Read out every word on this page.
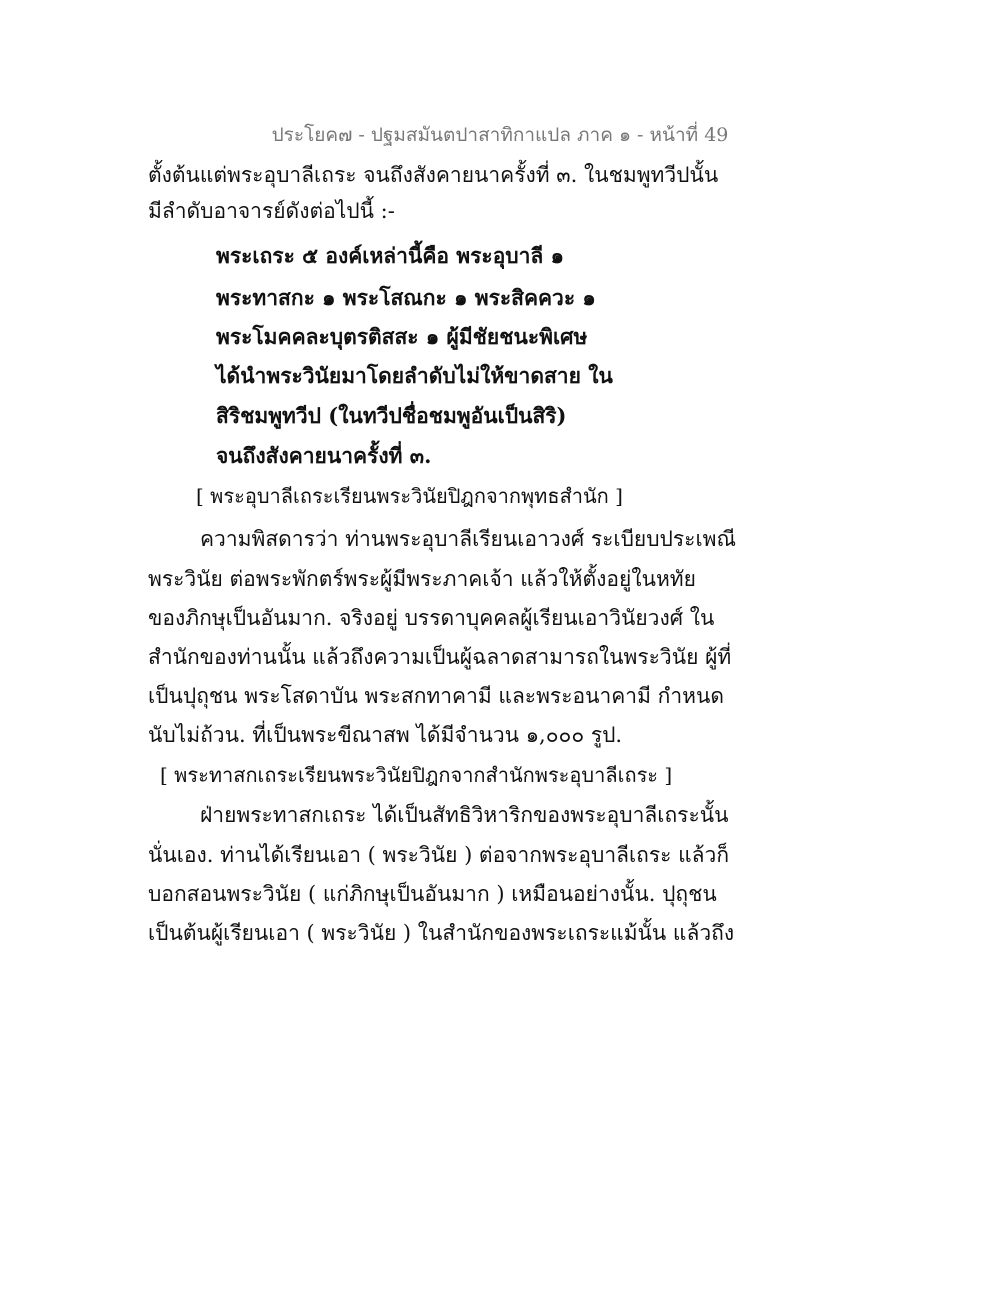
ประโยค๗ - ปฐมสมันตปาสาทิกาแปล ภาค ๑ - หน้าที่ 49
ตั้งต้นแต่พระอุบาลีเถระ จนถึงสังคายนาครั้งที่ ๓. ในชมพูทวีปนั้น
มีลำดับอาจารย์ดังต่อไปนี้ :-
พระเถระ ๕ องค์เหล่านี้คือ พระอุบาลี ๑
พระทาสกะ ๑ พระโสณกะ ๑ พระสิคควะ ๑
พระโมคคละบุตรติสสะ ๑ ผู้มีชัยชนะพิเศษ
ได้นำพระวินัยมาโดยลำดับไม่ให้ขาดสาย ใน
สิริชมพูทวีป (ในทวีปชื่อชมพูอันเป็นสิริ)
จนถึงสังคายนาครั้งที่ ๓.
[ พระอุบาลีเถระเรียนพระวินัยปิฎกจากพุทธสำนัก ]
ความพิสดารว่า ท่านพระอุบาลีเรียนเอาวงศ์ ระเบียบประเพณี
พระวินัย ต่อพระพักตร์พระผู้มีพระภาคเจ้า แล้วให้ตั้งอยู่ในหทัย
ของภิกษุเป็นอันมาก. จริงอยู่ บรรดาบุคคลผู้เรียนเอาวินัยวงศ์ ใน
สำนักของท่านนั้น แล้วถึงความเป็นผู้ฉลาดสามารถในพระวินัย ผู้ที่
เป็นปุถุชน พระโสดาบัน พระสกทาคามี และพระอนาคามี กำหนด
นับไม่ถ้วน. ที่เป็นพระขีณาสพ ได้มีจำนวน ๑,๐๐๐ รูป.
[ พระทาสกเถระเรียนพระวินัยปิฎกจากสำนักพระอุบาลีเถระ ]
ฝ่ายพระทาสกเถระ ได้เป็นสัทธิวิหาริกของพระอุบาลีเถระนั้น
นั่นเอง. ท่านได้เรียนเอา ( พระวินัย ) ต่อจากพระอุบาลีเถระ แล้วก็
บอกสอนพระวินัย ( แก่ภิกษุเป็นอันมาก ) เหมือนอย่างนั้น. ปุถุชน
เป็นต้นผู้เรียนเอา ( พระวินัย ) ในสำนักของพระเถระแม้นั้น แล้วถึง
